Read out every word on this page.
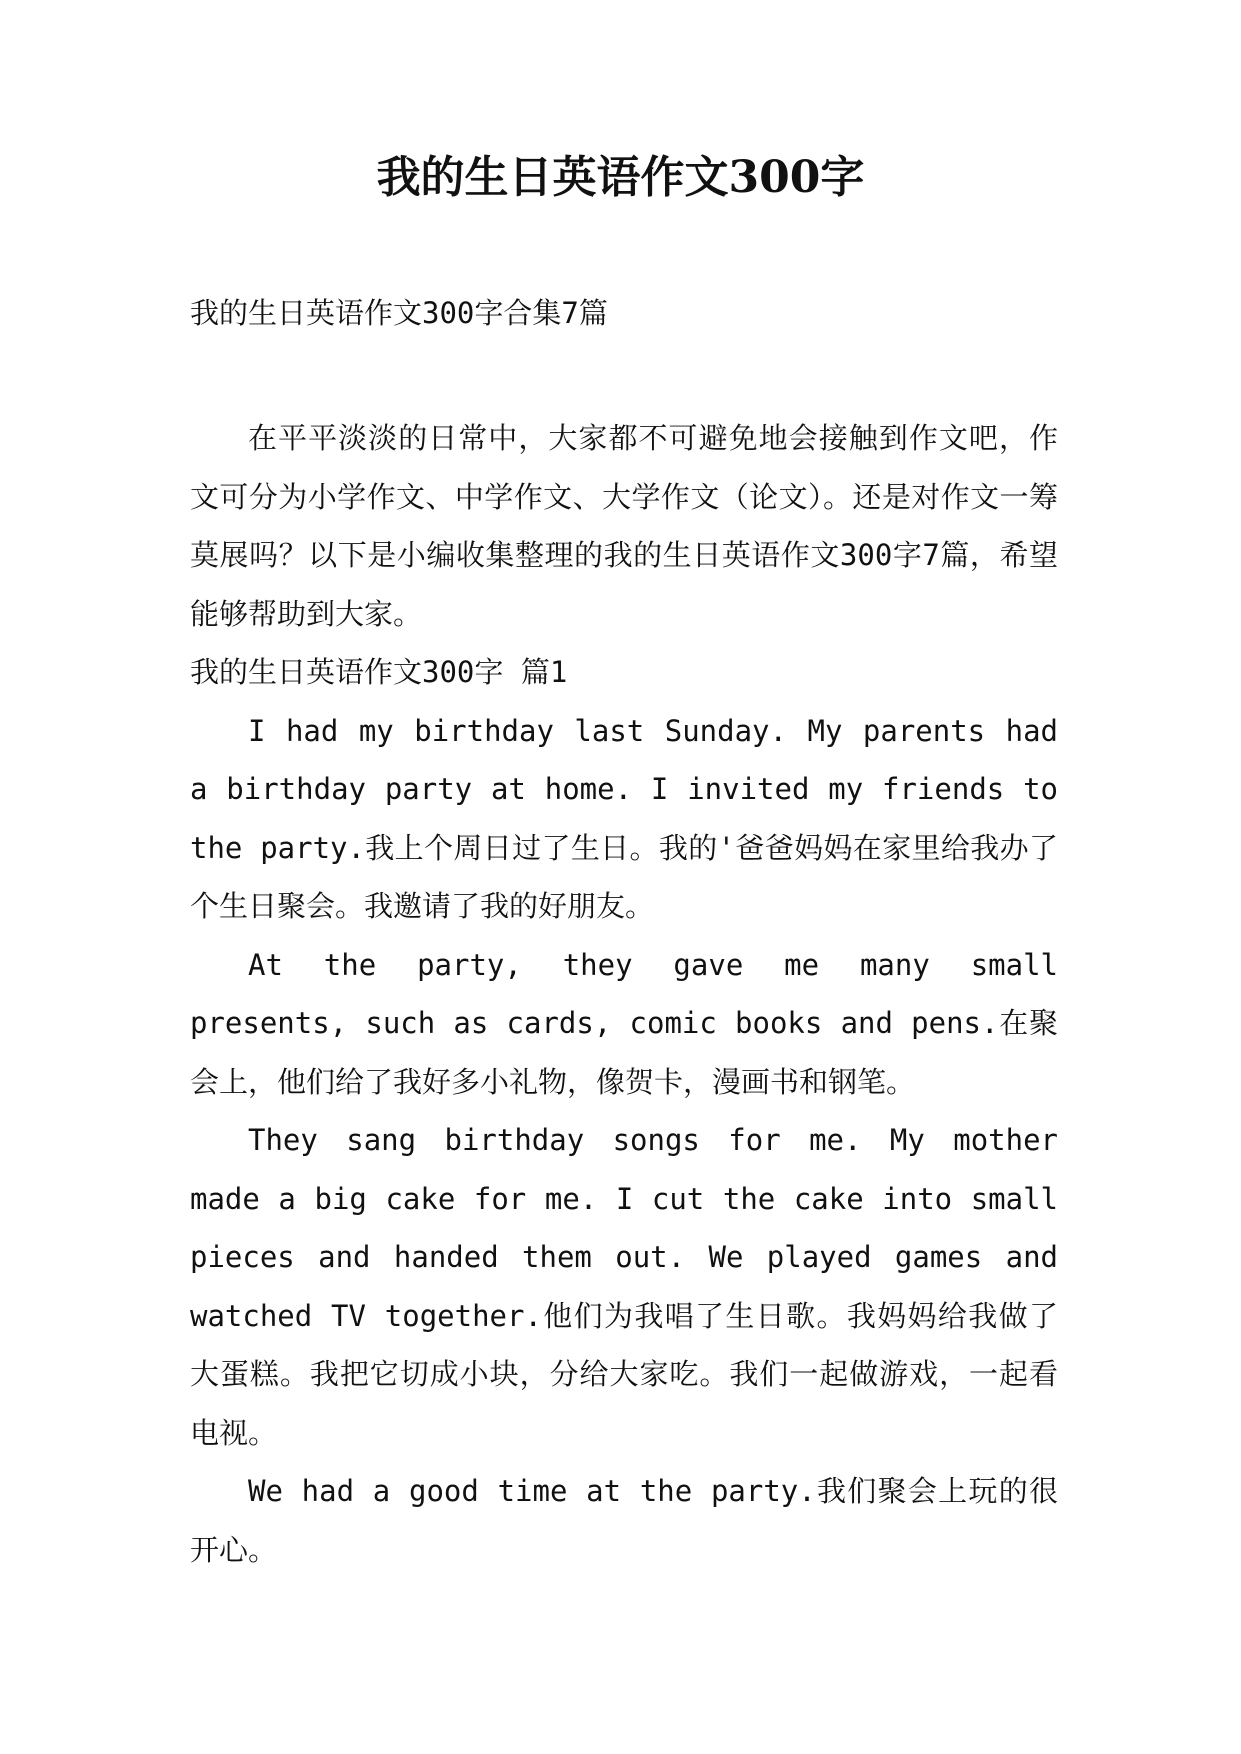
我的生日英语作文300字

我的生日英语作文300字合集7篇

在平平淡淡的日常中，大家都不可避免地会接触到作文吧，作文可分为小学作文、中学作文、大学作文（论文）。还是对作文一筹莫展吗？以下是小编收集整理的我的生日英语作文300字7篇，希望能够帮助到大家。

我的生日英语作文300字 篇1

I had my birthday last Sunday. My parents had a birthday party at home. I invited my friends to the party.我上个周日过了生日。我的'爸爸妈妈在家里给我办了个生日聚会。我邀请了我的好朋友。

At the party, they gave me many small presents, such as cards, comic books and pens.在聚会上，他们给了我好多小礼物，像贺卡，漫画书和钢笔。

They sang birthday songs for me. My mother made a big cake for me. I cut the cake into small pieces and handed them out. We played games and watched TV together.他们为我唱了生日歌。我妈妈给我做了大蛋糕。我把它切成小块，分给大家吃。我们一起做游戏，一起看电视。

We had a good time at the party.我们聚会上玩的很开心。
